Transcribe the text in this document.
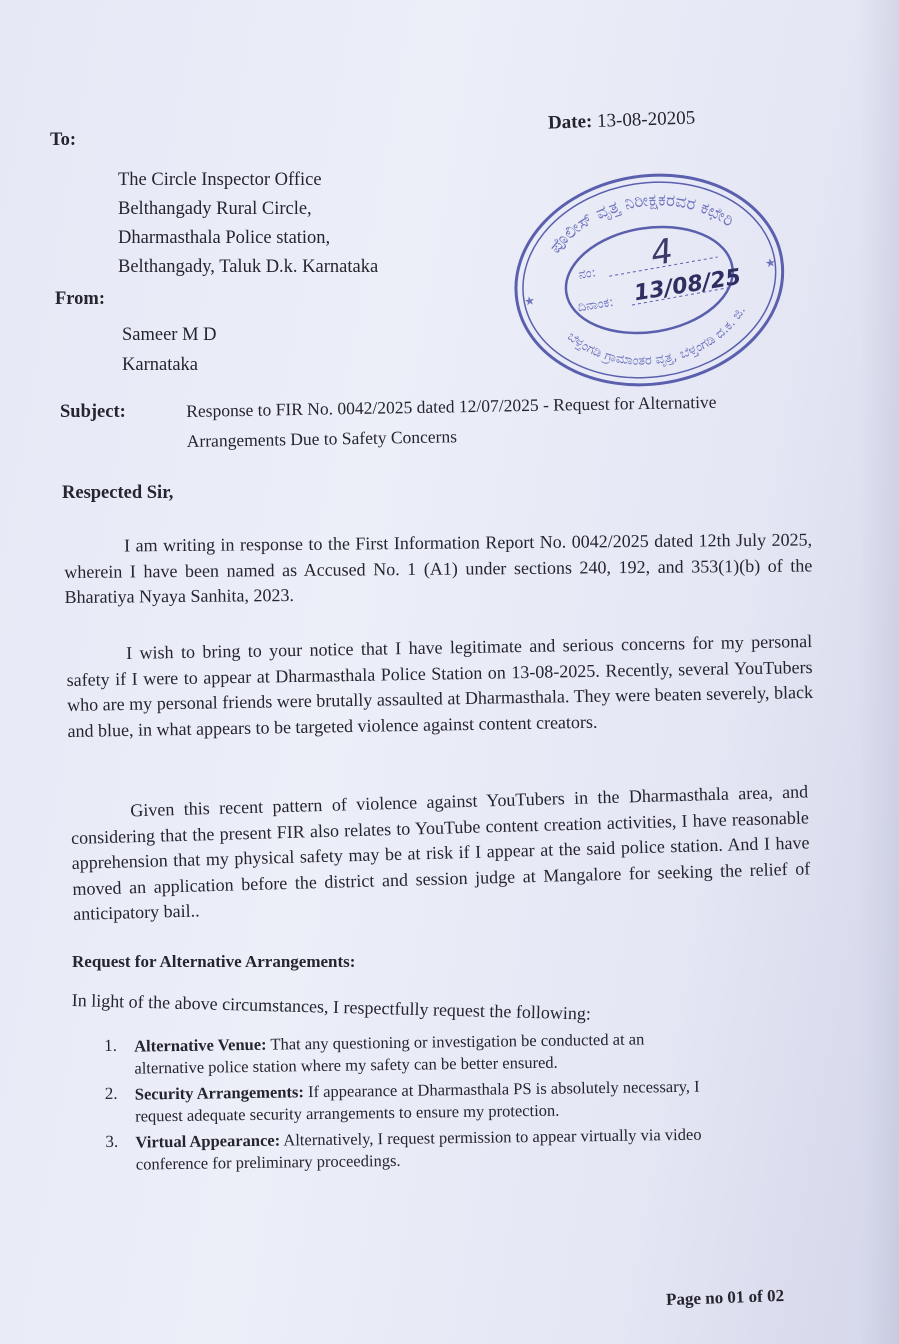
To:
Date: 13-08-20205
The Circle Inspector Office
Belthangady Rural Circle,
Dharmasthala Police station,
Belthangady, Taluk D.k. Karnataka
From:
Sameer M D
Karnataka
ಪೊಲೀಸ್ ವೃತ್ತ ನಿರೀಕ್ಷಕರವರ ಕಛೇರಿ
ಬೆಳ್ತಂಗಡಿ ಗ್ರಾಮಾಂತರ ವೃತ್ತ, ಬೆಳ್ತಂಗಡಿ ದ.ಕ. ಜಿ.
★
★
ನಂ:
4
ದಿನಾಂಕ: 13/08/25
Subject:	Response to FIR No. 0042/2025 dated 12/07/2025 - Request for Alternative
Arrangements Due to Safety Concerns
Respected Sir,
I am writing in response to the First Information Report No. 0042/2025 dated 12th July 2025, wherein I have been named as Accused No. 1 (A1) under sections 240, 192, and 353(1)(b) of the Bharatiya Nyaya Sanhita, 2023.
I wish to bring to your notice that I have legitimate and serious concerns for my personal safety if I were to appear at Dharmasthala Police Station on 13-08-2025. Recently, several YouTubers who are my personal friends were brutally assaulted at Dharmasthala. They were beaten severely, black and blue, in what appears to be targeted violence against content creators.
Given this recent pattern of violence against YouTubers in the Dharmasthala area, and considering that the present FIR also relates to YouTube content creation activities, I have reasonable apprehension that my physical safety may be at risk if I appear at the said police station. And I have moved an application before the district and session judge at Mangalore for seeking the relief of anticipatory bail..
Request for Alternative Arrangements:
In light of the above circumstances, I respectfully request the following:
1.	Alternative Venue: That any questioning or investigation be conducted at an
alternative police station where my safety can be better ensured.
2.	Security Arrangements: If appearance at Dharmasthala PS is absolutely necessary, I
request adequate security arrangements to ensure my protection.
3.	Virtual Appearance: Alternatively, I request permission to appear virtually via video
conference for preliminary proceedings.
Page no 01 of 02
